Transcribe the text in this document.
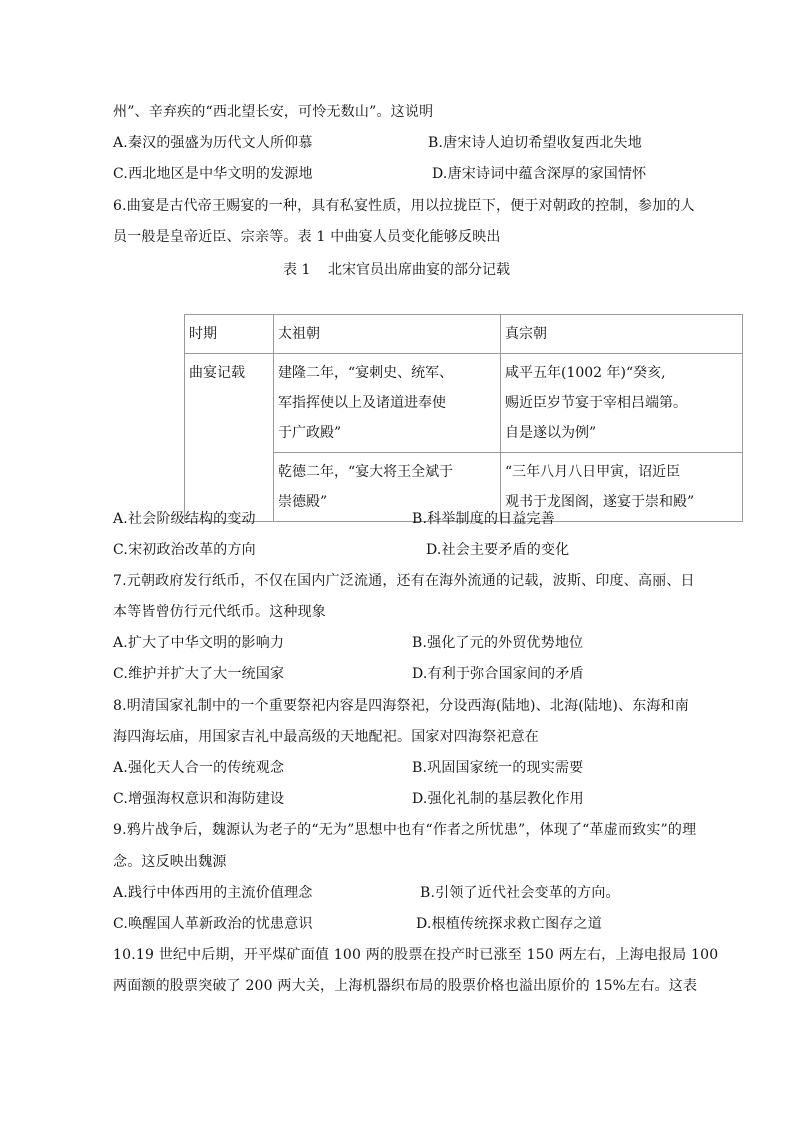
州”、辛弃疾的“西北望长安，可怜无数山”。这说明
A.秦汉的强盛为历代文人所仰慕	B.唐宋诗人迫切希望收复西北失地
C.西北地区是中华文明的发源地	D.唐宋诗词中蕴含深厚的家国情怀
6.曲宴是古代帝王赐宴的一种，具有私宴性质，用以拉拢臣下，便于对朝政的控制，参加的人
员一般是皇帝近臣、宗亲等。表 1 中曲宴人员变化能够反映出
表 1 北宋官员出席曲宴的部分记载
时期	太祖朝	真宗朝
曲宴记载	建隆二年，“宴刺史、统军、
军指挥使以上及诸道进奉使
于广政殿”	咸平五年(1002 年)“癸亥,
赐近臣岁节宴于宰相吕端第。
自是遂以为例”

	乾德二年，“宴大将王全斌于
崇德殿”	“三年八月八日甲寅，诏近臣
观书于龙图阁，遂宴于崇和殿”
A.社会阶级结构的变动	B.科举制度的日益完善
C.宋初政治改革的方向	D.社会主要矛盾的变化
7.元朝政府发行纸币，不仅在国内广泛流通，还有在海外流通的记载，波斯、印度、高丽、日
本等皆曾仿行元代纸币。这种现象
A.扩大了中华文明的影响力	B.强化了元的外贸优势地位
C.维护并扩大了大一统国家	D.有利于弥合国家间的矛盾
8.明清国家礼制中的一个重要祭祀内容是四海祭祀，分设西海(陆地)、北海(陆地)、东海和南
海四海坛庙，用国家吉礼中最高级的天地配祀。国家对四海祭祀意在
A.强化天人合一的传统观念	B.巩固国家统一的现实需要
C.增强海权意识和海防建设	D.强化礼制的基层教化作用
9.鸦片战争后，魏源认为老子的“无为”思想中也有“作者之所忧患”，体现了“革虚而致实”的理
念。这反映出魏源
A.践行中体西用的主流价值理念	B.引领了近代社会变革的方向。
C.唤醒国人革新政治的忧患意识	D.根植传统探求救亡图存之道
10.19 世纪中后期，开平煤矿面值 100 两的股票在投产时已涨至 150 两左右，上海电报局 100
两面额的股票突破了 200 两大关，上海机器织布局的股票价格也溢出原价的 15%左右。这表
